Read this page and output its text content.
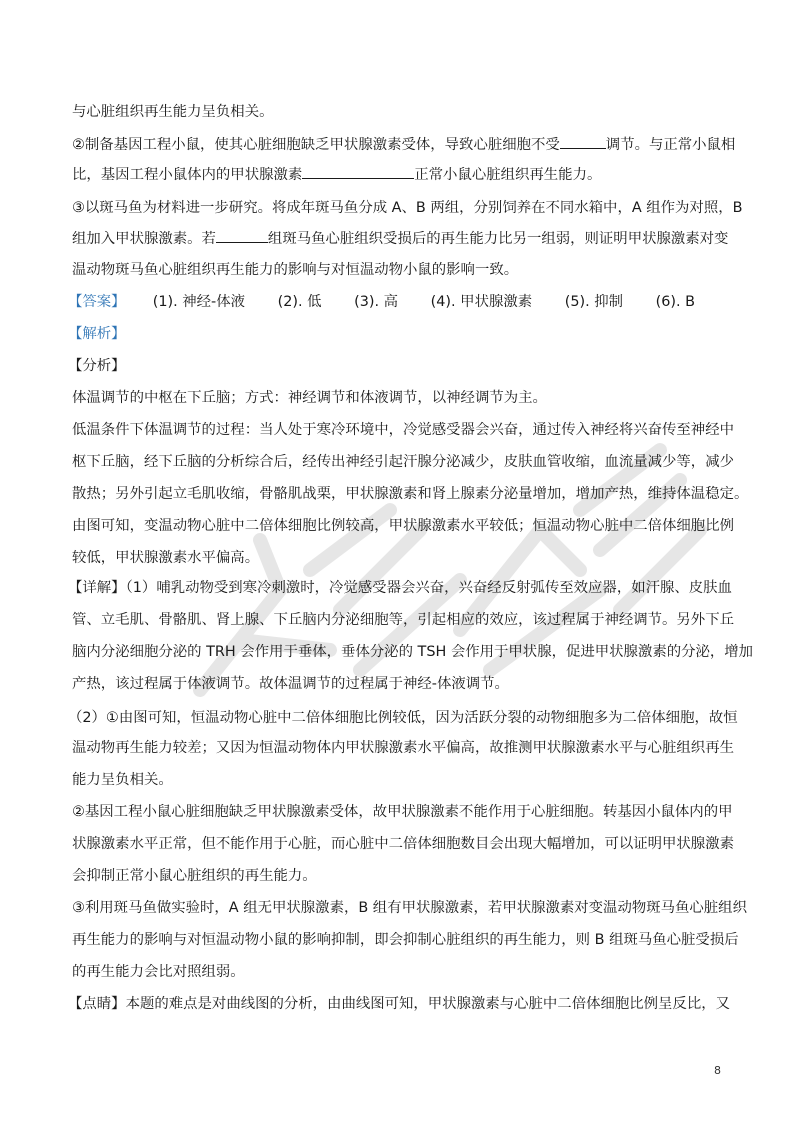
与心脏组织再生能力呈负相关。
②制备基因工程小鼠，使其心脏细胞缺乏甲状腺激素受体，导致心脏细胞不受	调节。与正常小鼠相
比，基因工程小鼠体内的甲状腺激素	正常小鼠心脏组织再生能力。
③以斑马鱼为材料进一步研究。将成年斑马鱼分成 A、B 两组，分别饲养在不同水箱中，A 组作为对照，B
组加入甲状腺激素。若	组斑马鱼心脏组织受损后的再生能力比另一组弱，则证明甲状腺激素对变
温动物斑马鱼心脏组织再生能力的影响与对恒温动物小鼠的影响一致。
【答案】 (1). 神经-体液 (2). 低 (3). 高 (4). 甲状腺激素 (5). 抑制 (6). B
【解析】
【分析】
体温调节的中枢在下丘脑；方式：神经调节和体液调节，以神经调节为主。
低温条件下体温调节的过程：当人处于寒冷环境中，冷觉感受器会兴奋，通过传入神经将兴奋传至神经中
枢下丘脑，经下丘脑的分析综合后，经传出神经引起汗腺分泌减少，皮肤血管收缩，血流量减少等，减少
散热；另外引起立毛肌收缩，骨骼肌战栗，甲状腺激素和肾上腺素分泌量增加，增加产热，维持体温稳定。
由图可知，变温动物心脏中二倍体细胞比例较高，甲状腺激素水平较低；恒温动物心脏中二倍体细胞比例
较低，甲状腺激素水平偏高。
【详解】（1）哺乳动物受到寒冷刺激时，冷觉感受器会兴奋，兴奋经反射弧传至效应器，如汗腺、皮肤血
管、立毛肌、骨骼肌、肾上腺、下丘脑内分泌细胞等，引起相应的效应，该过程属于神经调节。另外下丘
脑内分泌细胞分泌的 TRH 会作用于垂体，垂体分泌的 TSH 会作用于甲状腺，促进甲状腺激素的分泌，增加
产热，该过程属于体液调节。故体温调节的过程属于神经-体液调节。
（2）①由图可知，恒温动物心脏中二倍体细胞比例较低，因为活跃分裂的动物细胞多为二倍体细胞，故恒
温动物再生能力较差；又因为恒温动物体内甲状腺激素水平偏高，故推测甲状腺激素水平与心脏组织再生
能力呈负相关。
②基因工程小鼠心脏细胞缺乏甲状腺激素受体，故甲状腺激素不能作用于心脏细胞。转基因小鼠体内的甲
状腺激素水平正常，但不能作用于心脏，而心脏中二倍体细胞数目会出现大幅增加，可以证明甲状腺激素
会抑制正常小鼠心脏组织的再生能力。
③利用斑马鱼做实验时，A 组无甲状腺激素，B 组有甲状腺激素，若甲状腺激素对变温动物斑马鱼心脏组织
再生能力的影响与对恒温动物小鼠的影响抑制，即会抑制心脏组织的再生能力，则 B 组斑马鱼心脏受损后
的再生能力会比对照组弱。
【点睛】本题的难点是对曲线图的分析，由曲线图可知，甲状腺激素与心脏中二倍体细胞比例呈反比，又
8
